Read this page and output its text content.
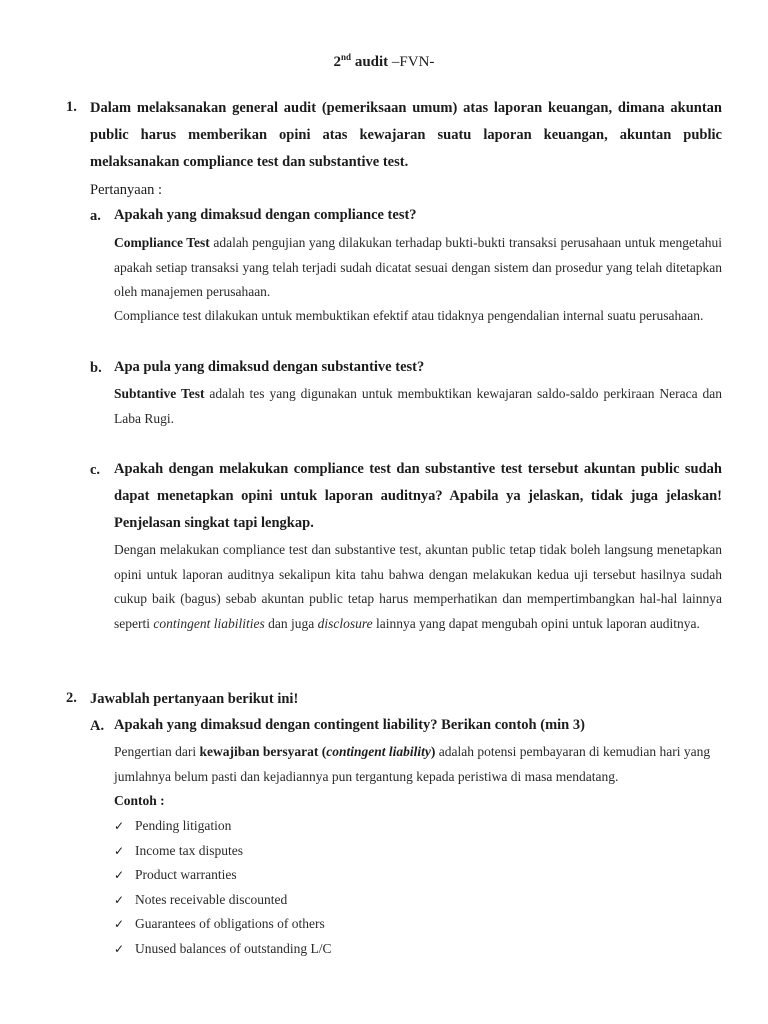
2nd audit –FVN-
1. Dalam melaksanakan general audit (pemeriksaan umum) atas laporan keuangan, dimana akuntan public harus memberikan opini atas kewajaran suatu laporan keuangan, akuntan public melaksanakan compliance test dan substantive test.
Pertanyaan :
a. Apakah yang dimaksud dengan compliance test?
Compliance Test adalah pengujian yang dilakukan terhadap bukti-bukti transaksi perusahaan untuk mengetahui apakah setiap transaksi yang telah terjadi sudah dicatat sesuai dengan sistem dan prosedur yang telah ditetapkan oleh manajemen perusahaan.
Compliance test dilakukan untuk membuktikan efektif atau tidaknya pengendalian internal suatu perusahaan.
b. Apa pula yang dimaksud dengan substantive test?
Subtantive Test adalah tes yang digunakan untuk membuktikan kewajaran saldo-saldo perkiraan Neraca dan Laba Rugi.
c. Apakah dengan melakukan compliance test dan substantive test tersebut akuntan public sudah dapat menetapkan opini untuk laporan auditnya? Apabila ya jelaskan, tidak juga jelaskan! Penjelasan singkat tapi lengkap.
Dengan melakukan compliance test dan substantive test, akuntan public tetap tidak boleh langsung menetapkan opini untuk laporan auditnya sekalipun kita tahu bahwa dengan melakukan kedua uji tersebut hasilnya sudah cukup baik (bagus) sebab akuntan public tetap harus memperhatikan dan mempertimbangkan hal-hal lainnya seperti contingent liabilities dan juga disclosure lainnya yang dapat mengubah opini untuk laporan auditnya.
2. Jawablah pertanyaan berikut ini!
A. Apakah yang dimaksud dengan contingent liability? Berikan contoh (min 3)
Pengertian dari kewajiban bersyarat (contingent liability) adalah potensi pembayaran di kemudian hari yang jumlahnya belum pasti dan kejadiannya pun tergantung kepada peristiwa di masa mendatang.
Contoh :
✓ Pending litigation
✓ Income tax disputes
✓ Product warranties
✓ Notes receivable discounted
✓ Guarantees of obligations of others
✓ Unused balances of outstanding L/C
